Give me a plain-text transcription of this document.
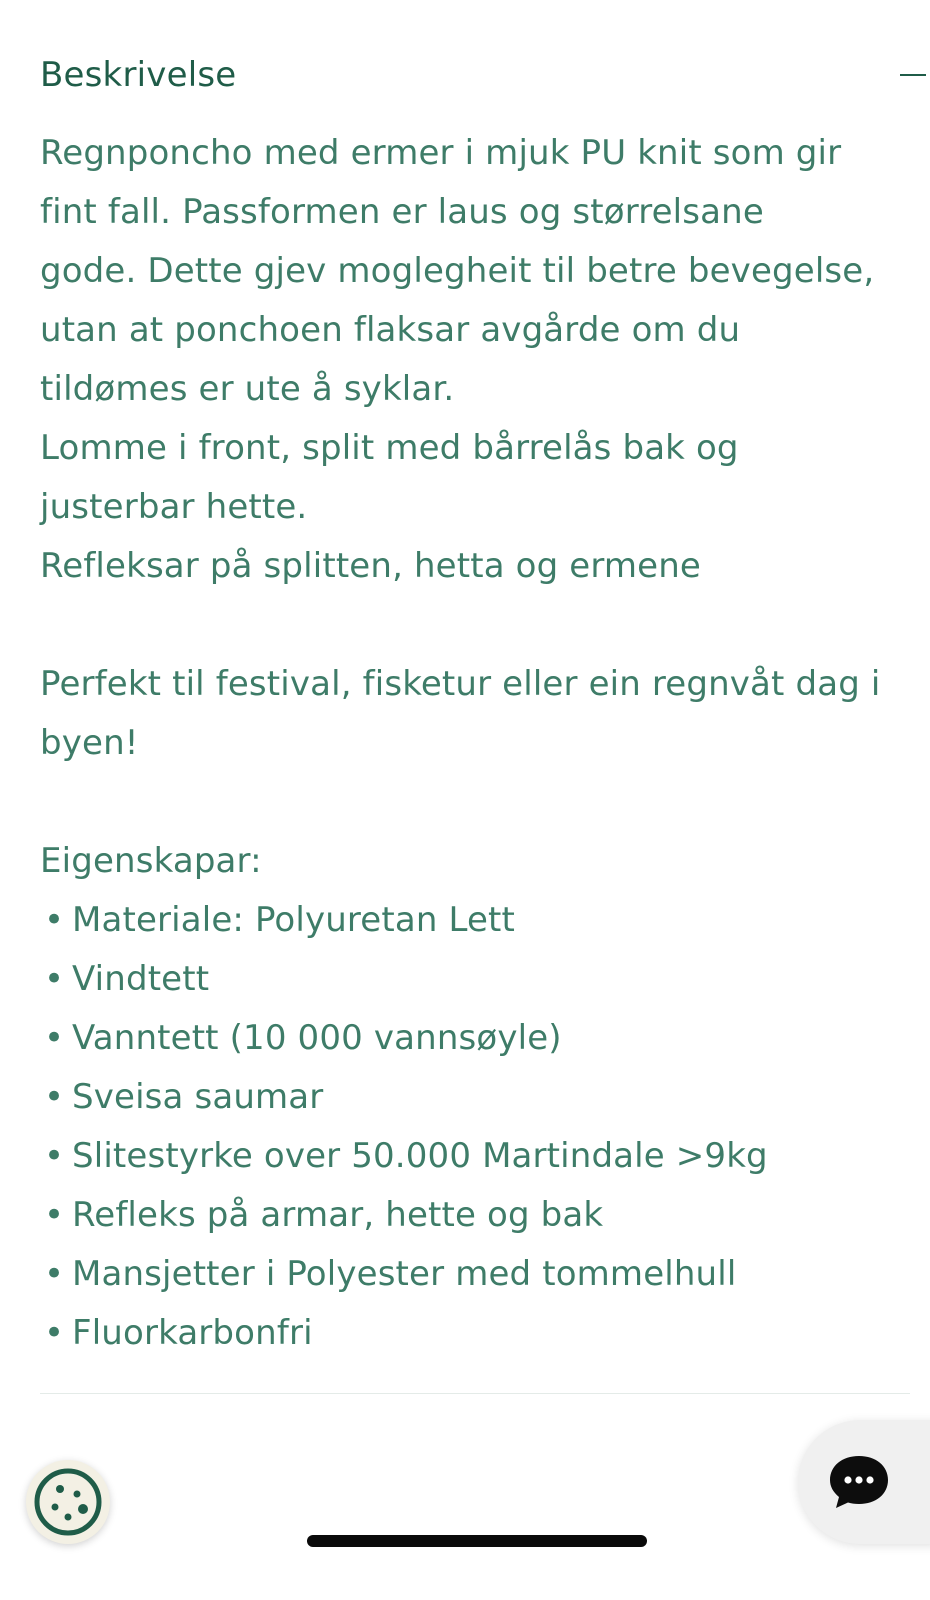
Beskrivelse

Regnponcho med ermer i mjuk PU knit som gir

fint fall. Passformen er laus og størrelsane

gode. Dette gjev moglegheit til betre bevegelse,

utan at ponchoen flaksar avgårde om du

tildømes er ute å syklar.

Lomme i front, split med bårrelås bak og

justerbar hette.

Refleksar på splitten, hetta og ermene

Perfekt til festival, fisketur eller ein regnvåt dag i

byen!

Eigenskapar:

• Materiale: Polyuretan Lett
• Vindtett
• Vanntett (10 000 vannsøyle)
• Sveisa saumar
• Slitestyrke over 50.000 Martindale >9kg
• Refleks på armar, hette og bak
• Mansjetter i Polyester med tommelhull
• Fluorkarbonfri
